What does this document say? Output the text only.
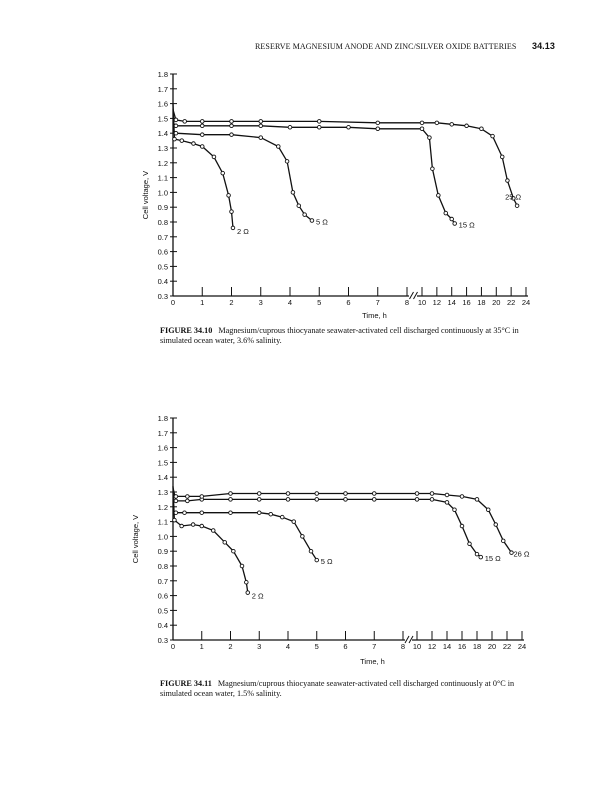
RESERVE MAGNESIUM ANODE AND ZINC/SILVER OXIDE BATTERIES 34.13
0.3
0.4
0.5
0.6
0.7
0.8
0.9
1.0
1.1
1.2
1.3
1.4
1.5
1.6
1.7
1.8
0	1	2	3	4	5	6	7	8 10 12 14 16 18 20 22 24
Time, h
Cell voltage, V
2 Ω
5 Ω	15 Ω
25 Ω
FIGURE 34.10 Magnesium/cuprous thiocyanate seawater-activated cell discharged continuously at 35°C in simulated ocean water, 3.6% salinity.
0.3
0.4
0.5
0.6
0.7
0.8
0.9
1.0
1.1
1.2
1.3
1.4
1.5
1.6
1.7
1.8
0	1	2	3	4	5	6	7	8 10 12 14 16 18 20 22 24
Time, h
Cell voltage, V
2 Ω
5 Ω	15 Ω 26 Ω
FIGURE 34.11 Magnesium/cuprous thiocyanate seawater-activated cell discharged continuously at 0°C in simulated ocean water, 1.5% salinity.
